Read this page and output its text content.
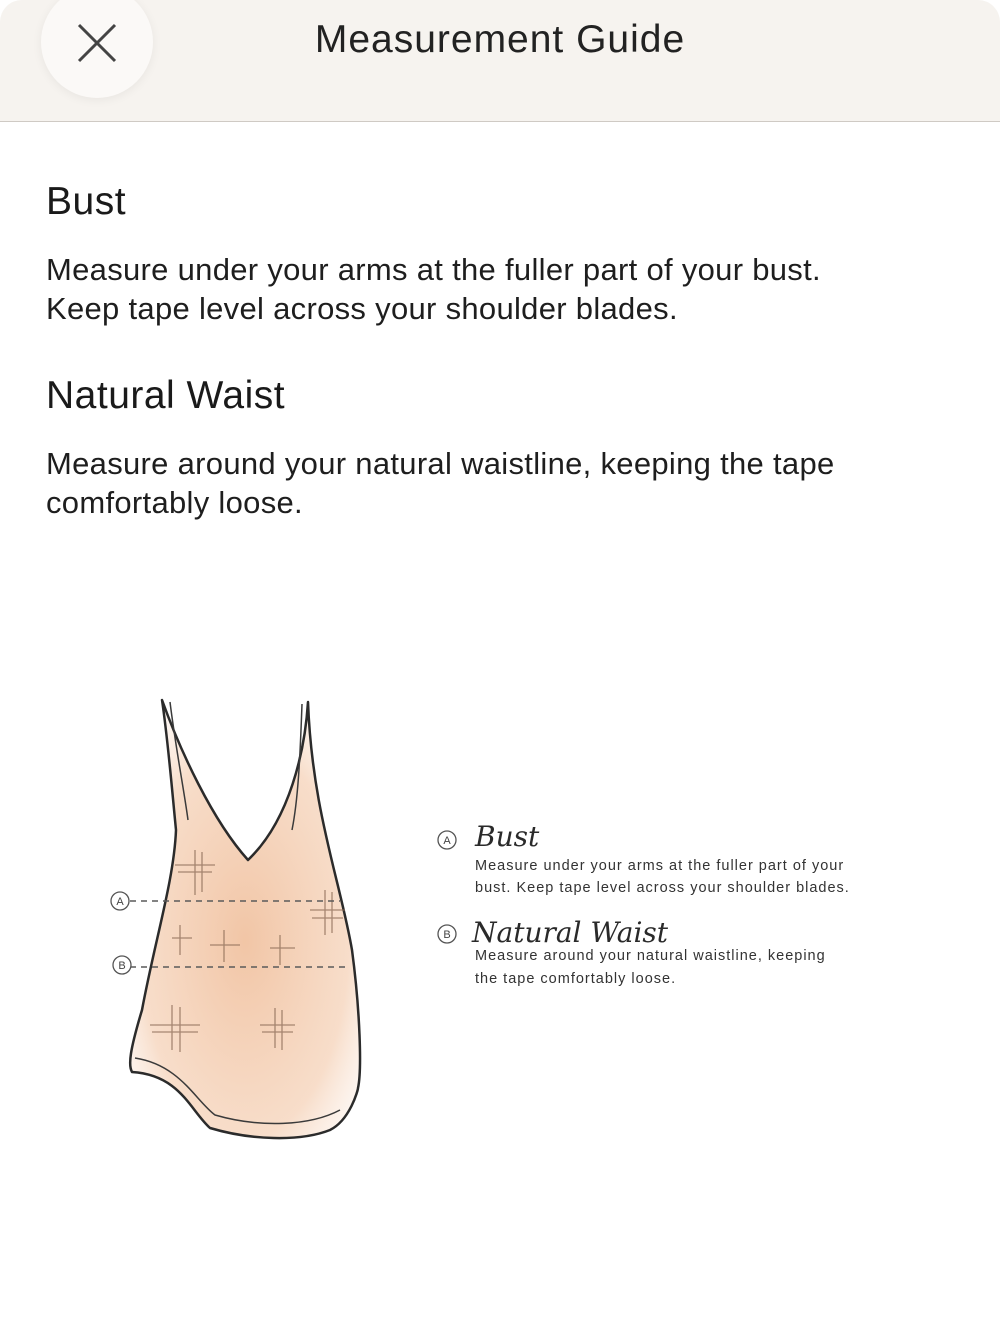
Measurement Guide
Bust
Measure under your arms at the fuller part of your bust.
Keep tape level across your shoulder blades.
Natural Waist
Measure around your natural waistline, keeping the tape
comfortably loose.
A
B
A Bust
Measure under your arms at the fuller part of your
bust. Keep tape level across your shoulder blades.
B Natural Waist
Measure around your natural waistline, keeping
the tape comfortably loose.
